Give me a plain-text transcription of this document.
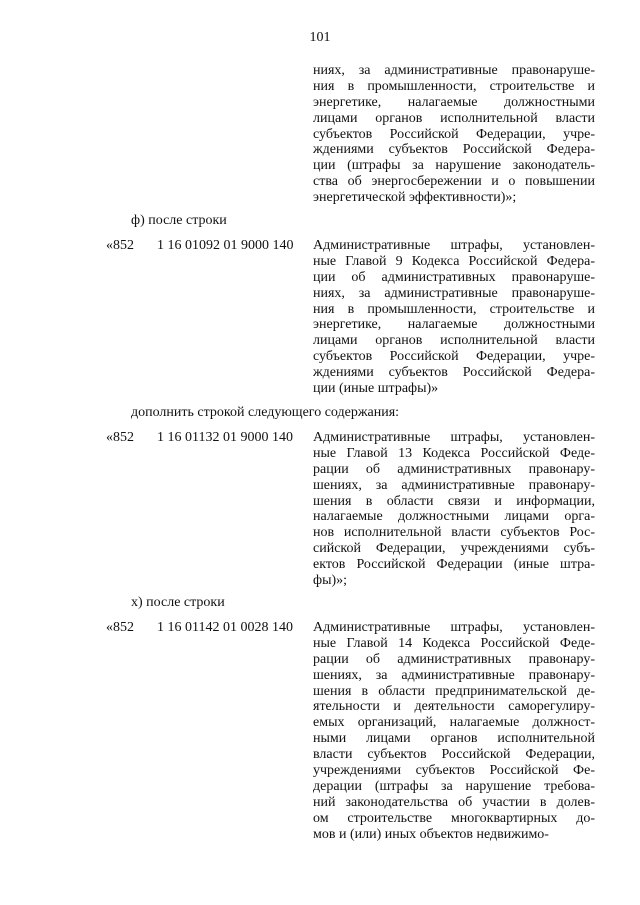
101
ниях, за административные правонаруше-
ния в промышленности, строительстве и
энергетике, налагаемые должностными
лицами органов исполнительной власти
субъектов Российской Федерации, учре-
ждениями субъектов Российской Федера-
ции (штрафы за нарушение законодатель-
ства об энергосбережении и о повышении
энергетической эффективности)»;
ф) после строки
«852 1 16 01092 01 9000 140 Административные штрафы, установлен-
ные Главой 9 Кодекса Российской Федера-
ции об административных правонаруше-
ниях, за административные правонаруше-
ния в промышленности, строительстве и
энергетике, налагаемые должностными
лицами органов исполнительной власти
субъектов Российской Федерации, учре-
ждениями субъектов Российской Федера-
ции (иные штрафы)»
дополнить строкой следующего содержания:
«852 1 16 01132 01 9000 140 Административные штрафы, установлен-
ные Главой 13 Кодекса Российской Феде-
рации об административных правонару-
шениях, за административные правонару-
шения в области связи и информации,
налагаемые должностными лицами орга-
нов исполнительной власти субъектов Рос-
сийской Федерации, учреждениями субъ-
ектов Российской Федерации (иные штра-
фы)»;
х) после строки
«852 1 16 01142 01 0028 140 Административные штрафы, установлен-
ные Главой 14 Кодекса Российской Феде-
рации об административных правонару-
шениях, за административные правонару-
шения в области предпринимательской де-
ятельности и деятельности саморегулиру-
емых организаций, налагаемые должност-
ными лицами органов исполнительной
власти субъектов Российской Федерации,
учреждениями субъектов Российской Фе-
дерации (штрафы за нарушение требова-
ний законодательства об участии в долев-
ом строительстве многоквартирных до-
мов и (или) иных объектов недвижимо-
